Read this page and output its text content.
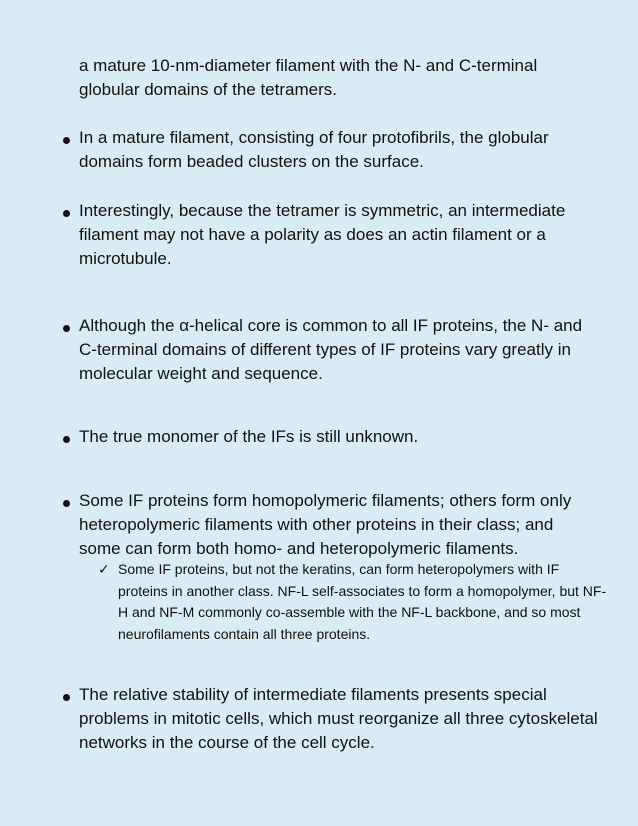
a mature 10-nm-diameter filament with the N- and C-terminal globular domains of the tetramers.
In a mature filament, consisting of four protofibrils, the globular domains form beaded clusters on the surface.
Interestingly, because the tetramer is symmetric, an intermediate filament may not have a polarity as does an actin filament or a microtubule.
Although the α-helical core is common to all IF proteins, the N- and C-terminal domains of different types of IF proteins vary greatly in molecular weight and sequence.
The true monomer of the IFs is still unknown.
Some IF proteins form homopolymeric filaments; others form only heteropolymeric filaments with other proteins in their class; and some can form both homo- and heteropolymeric filaments.
✓ Some IF proteins, but not the keratins, can form heteropolymers with IF proteins in another class. NF-L self-associates to form a homopolymer, but NF-H and NF-M commonly co-assemble with the NF-L backbone, and so most neurofilaments contain all three proteins.
The relative stability of intermediate filaments presents special problems in mitotic cells, which must reorganize all three cytoskeletal networks in the course of the cell cycle.
